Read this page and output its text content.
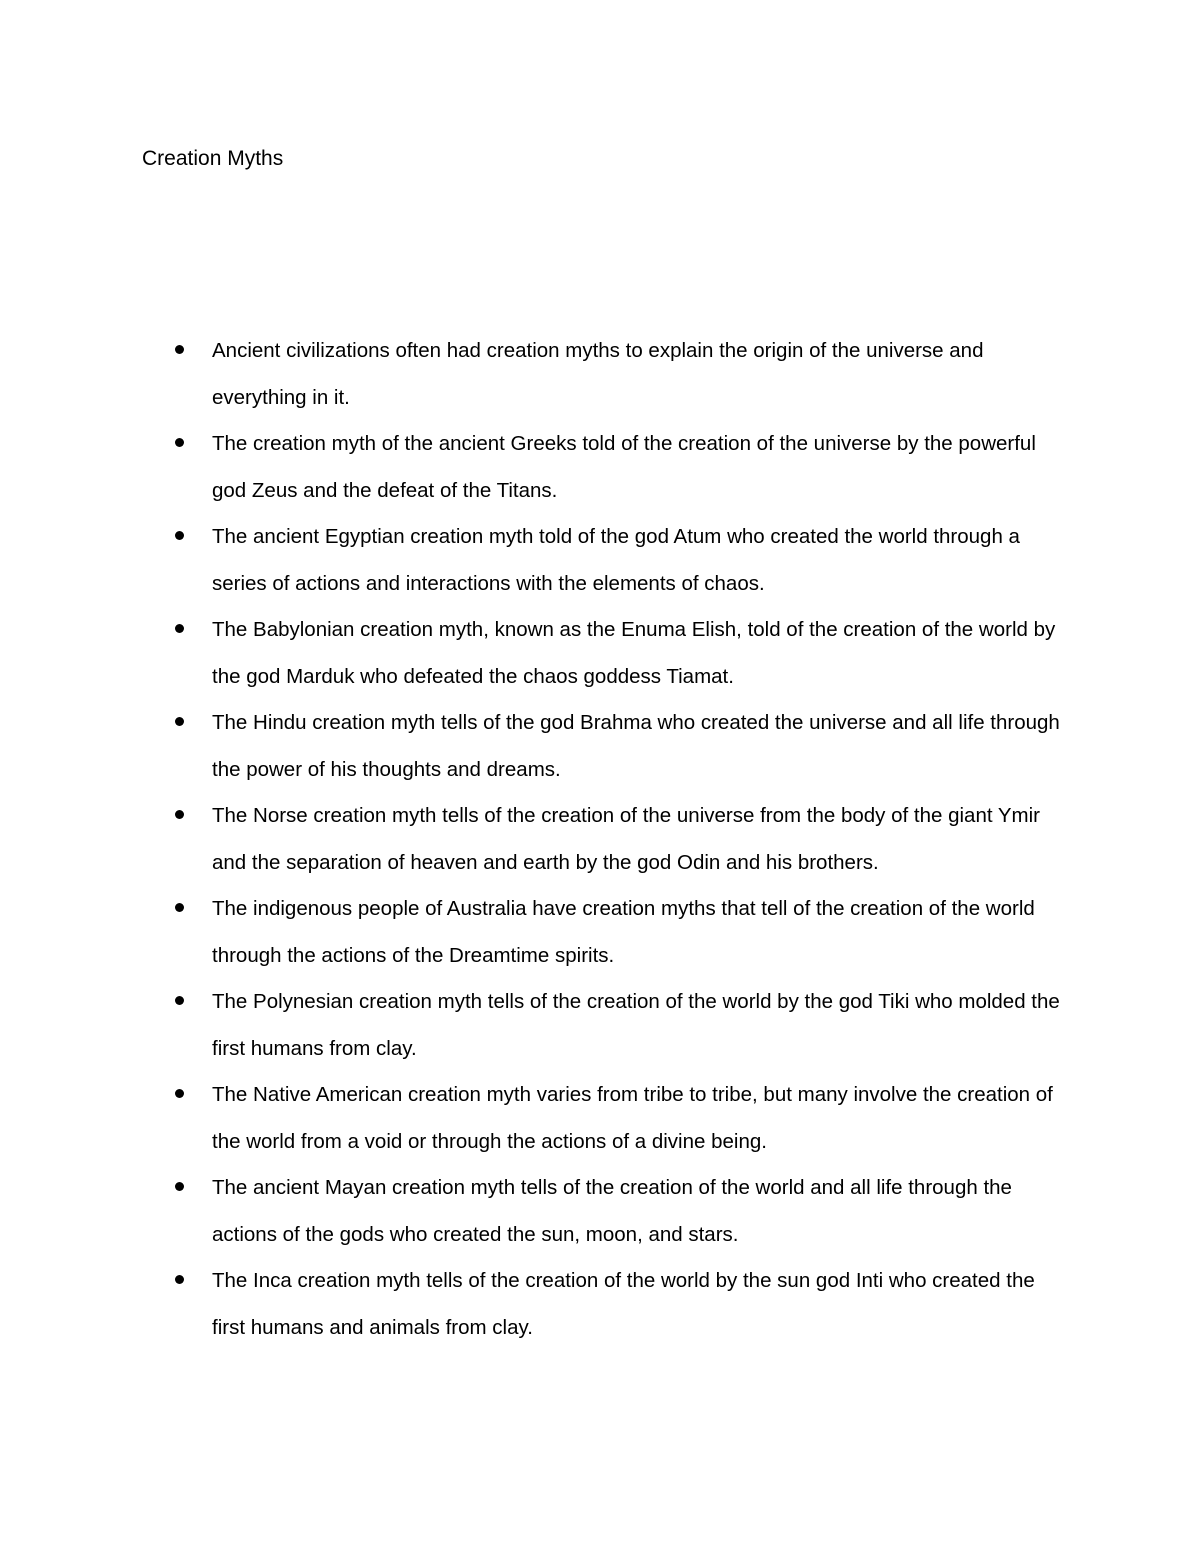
Creation Myths
Ancient civilizations often had creation myths to explain the origin of the universe and everything in it.
The creation myth of the ancient Greeks told of the creation of the universe by the powerful god Zeus and the defeat of the Titans.
The ancient Egyptian creation myth told of the god Atum who created the world through a series of actions and interactions with the elements of chaos.
The Babylonian creation myth, known as the Enuma Elish, told of the creation of the world by the god Marduk who defeated the chaos goddess Tiamat.
The Hindu creation myth tells of the god Brahma who created the universe and all life through the power of his thoughts and dreams.
The Norse creation myth tells of the creation of the universe from the body of the giant Ymir and the separation of heaven and earth by the god Odin and his brothers.
The indigenous people of Australia have creation myths that tell of the creation of the world through the actions of the Dreamtime spirits.
The Polynesian creation myth tells of the creation of the world by the god Tiki who molded the first humans from clay.
The Native American creation myth varies from tribe to tribe, but many involve the creation of the world from a void or through the actions of a divine being.
The ancient Mayan creation myth tells of the creation of the world and all life through the actions of the gods who created the sun, moon, and stars.
The Inca creation myth tells of the creation of the world by the sun god Inti who created the first humans and animals from clay.
